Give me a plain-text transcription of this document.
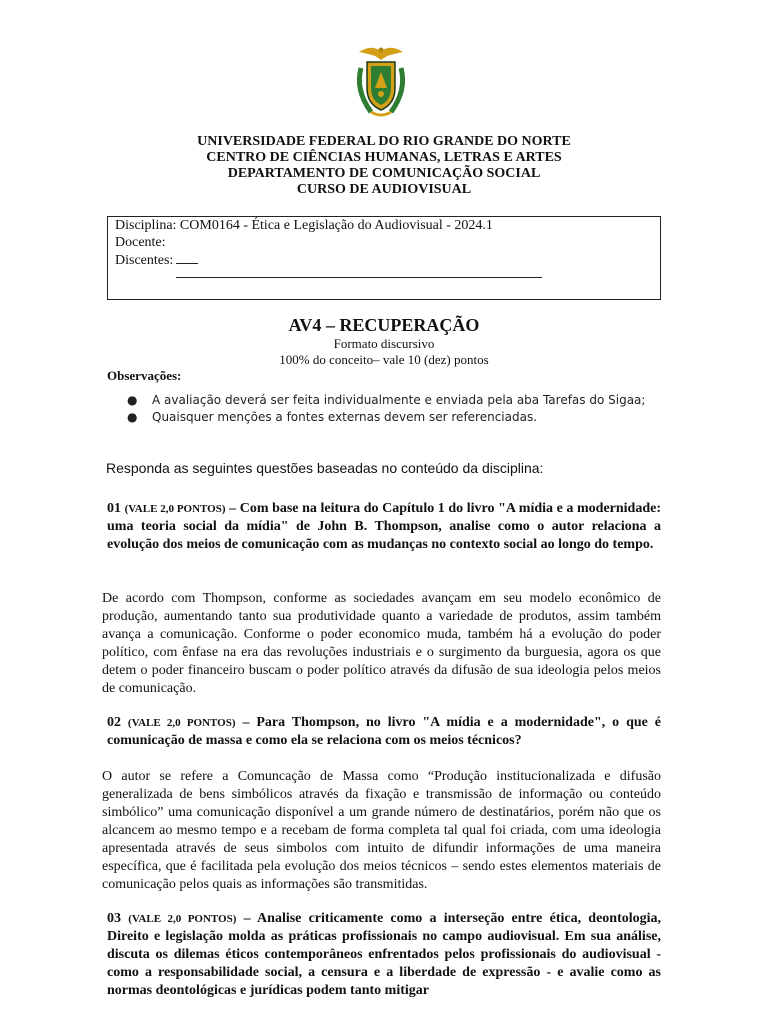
UNIVERSIDADE FEDERAL DO RIO GRANDE DO NORTE
CENTRO DE CIÊNCIAS HUMANAS, LETRAS E ARTES
DEPARTAMENTO DE COMUNICAÇÃO SOCIAL
CURSO DE AUDIOVISUAL
Disciplina: COM0164 - Ética e Legislação do Audiovisual - 2024.1
Docente:
Discentes:
AV4 – RECUPERAÇÃO
Formato discursivo
100% do conceito– vale 10 (dez) pontos
Observações:
● A avaliação deverá ser feita individualmente e enviada pela aba Tarefas do Sigaa;
● Quaisquer menções a fontes externas devem ser referenciadas.
Responda as seguintes questões baseadas no conteúdo da disciplina:
01 (VALE 2,0 PONTOS) – Com base na leitura do Capítulo 1 do livro "A mídia e a modernidade: uma teoria social da mídia" de John B. Thompson, analise como o autor relaciona a evolução dos meios de comunicação com as mudanças no contexto social ao longo do tempo.
De acordo com Thompson, conforme as sociedades avançam em seu modelo econômico de produção, aumentando tanto sua produtividade quanto a variedade de produtos, assim também avança a comunicação. Conforme o poder economico muda, também há a evolução do poder político, com ênfase na era das revoluções industriais e o surgimento da burguesia, agora os que detem o poder financeiro buscam o poder político através da difusão de sua ideologia pelos meios de comunicação.
02 (VALE 2,0 PONTOS) – Para Thompson, no livro "A mídia e a modernidade", o que é comunicação de massa e como ela se relaciona com os meios técnicos?
O autor se refere a Comuncação de Massa como “Produção institucionalizada e difusão generalizada de bens simbólicos através da fixação e transmissão de informação ou conteúdo simbólico” uma comunicação disponível a um grande número de destinatários, porém não que os alcancem ao mesmo tempo e a recebam de forma completa tal qual foi criada, com uma ideologia apresentada através de seus simbolos com intuito de difundir informações de uma maneira específica, que é facilitada pela evolução dos meios técnicos – sendo estes elementos materiais de comunicação pelos quais as informações são transmitidas.
03 (VALE 2,0 PONTOS) – Analise criticamente como a interseção entre ética, deontologia, Direito e legislação molda as práticas profissionais no campo audiovisual. Em sua análise, discuta os dilemas éticos contemporâneos enfrentados pelos profissionais do audiovisual - como a responsabilidade social, a censura e a liberdade de expressão - e avalie como as normas deontológicas e jurídicas podem tanto mitigar
